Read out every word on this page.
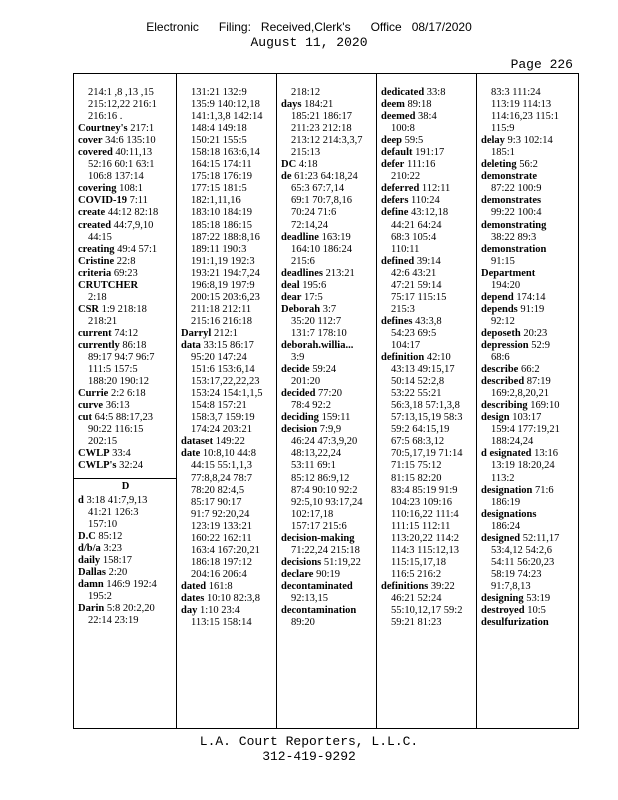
Electronic      Filing:   Received,Clerk's      Office   08/17/2020
August 11, 2020
Page 226
214:1 ,8 ,13 ,15
215:12,22 216:1
216:16 .
Courtney's 217:1
cover 34:6 135:10
covered 40:11,13
52:16 60:1 63:1
106:8 137:14
covering 108:1
COVID-19 7:11
create 44:12 82:18
created 44:7,9,10
44:15
creating 49:4 57:1
Cristine 22:8
criteria 69:23
CRUTCHER
2:18
CSR 1:9 218:18
218:21
current 74:12
currently 86:18
89:17 94:7 96:7
111:5 157:5
188:20 190:12
Currie 2:2 6:18
curve 36:13
cut 64:5 88:17,23
90:22 116:15
202:15
CWLP 33:4
CWLP's 32:24
D
d 3:18 41:7,9,13
41:21 126:3
157:10
D.C 85:12
d/b/a 3:23
daily 158:17
Dallas 2:20
damn 146:9 192:4
195:2
Darin 5:8 20:2,20
22:14 23:19
131:21 132:9
135:9 140:12,18
141:1,3,8 142:14
148:4 149:18
150:21 155:5
158:18 163:6,14
164:15 174:11
175:18 176:19
177:15 181:5
182:1,11,16
183:10 184:19
185:18 186:15
187:22 188:8,16
189:11 190:3
191:1,19 192:3
193:21 194:7,24
196:8,19 197:9
200:15 203:6,23
211:18 212:11
215:16 216:18
Darryl 212:1
data 33:15 86:17
95:20 147:24
151:6 153:6,14
153:17,22,22,23
153:24 154:1,1,5
154:8 157:21
158:3,7 159:19
174:24 203:21
dataset 149:22
date 10:8,10 44:8
44:15 55:1,1,3
77:8,8,24 78:7
78:20 82:4,5
85:17 90:17
91:7 92:20,24
123:19 133:21
160:22 162:11
163:4 167:20,21
186:18 197:12
204:16 206:4
dated 161:8
dates 10:10 82:3,8
day 1:10 23:4
113:15 158:14
218:12
days 184:21
185:21 186:17
211:23 212:18
213:12 214:3,3,7
215:13
DC 4:18
de 61:23 64:18,24
65:3 67:7,14
69:1 70:7,8,16
70:24 71:6
72:14,24
deadline 163:19
164:10 186:24
215:6
deadlines 213:21
deal 195:6
dear 17:5
Deborah 3:7
35:20 112:7
131:7 178:10
deborah.willia...
3:9
decide 59:24
201:20
decided 77:20
78:4 92:2
deciding 159:11
decision 7:9,9
46:24 47:3,9,20
48:13,22,24
53:11 69:1
85:12 86:9,12
87:4 90:10 92:2
92:5,10 93:17,24
102:17,18
157:17 215:6
decision-making
71:22,24 215:18
decisions 51:19,22
declare 90:19
decontaminated
92:13,15
decontamination
89:20
dedicated 33:8
deem 89:18
deemed 38:4
100:8
deep 59:5
default 191:17
defer 111:16
210:22
deferred 112:11
defers 110:24
define 43:12,18
44:21 64:24
68:3 105:4
110:11
defined 39:14
42:6 43:21
47:21 59:14
75:17 115:15
215:3
defines 43:3,8
54:23 69:5
104:17
definition 42:10
43:13 49:15,17
50:14 52:2,8
53:22 55:21
56:3,18 57:1,3,8
57:13,15,19 58:3
59:2 64:15,19
67:5 68:3,12
70:5,17,19 71:14
71:15 75:12
81:15 82:20
83:4 85:19 91:9
104:23 109:16
110:16,22 111:4
111:15 112:11
113:20,22 114:2
114:3 115:12,13
115:15,17,18
116:5 216:2
definitions 39:22
46:21 52:24
55:10,12,17 59:2
59:21 81:23
83:3 111:24
113:19 114:13
114:16,23 115:1
115:9
delay 9:3 102:14
185:1
deleting 56:2
demonstrate
87:22 100:9
demonstrates
99:22 100:4
demonstrating
38:22 89:3
demonstration
91:15
Department
194:20
depend 174:14
depends 91:19
92:12
deposeth 20:23
depression 52:9
68:6
describe 66:2
described 87:19
169:2,8,20,21
describing 169:10
design 103:17
159:4 177:19,21
188:24,24
d esignated 13:16
13:19 18:20,24
113:2
designation 71:6
186:19
designations
186:24
designed 52:11,17
53:4,12 54:2,6
54:11 56:20,23
58:19 74:23
91:7,8,13
designing 53:19
destroyed 10:5
desulfurization
L.A. Court Reporters, L.L.C.
312-419-9292
